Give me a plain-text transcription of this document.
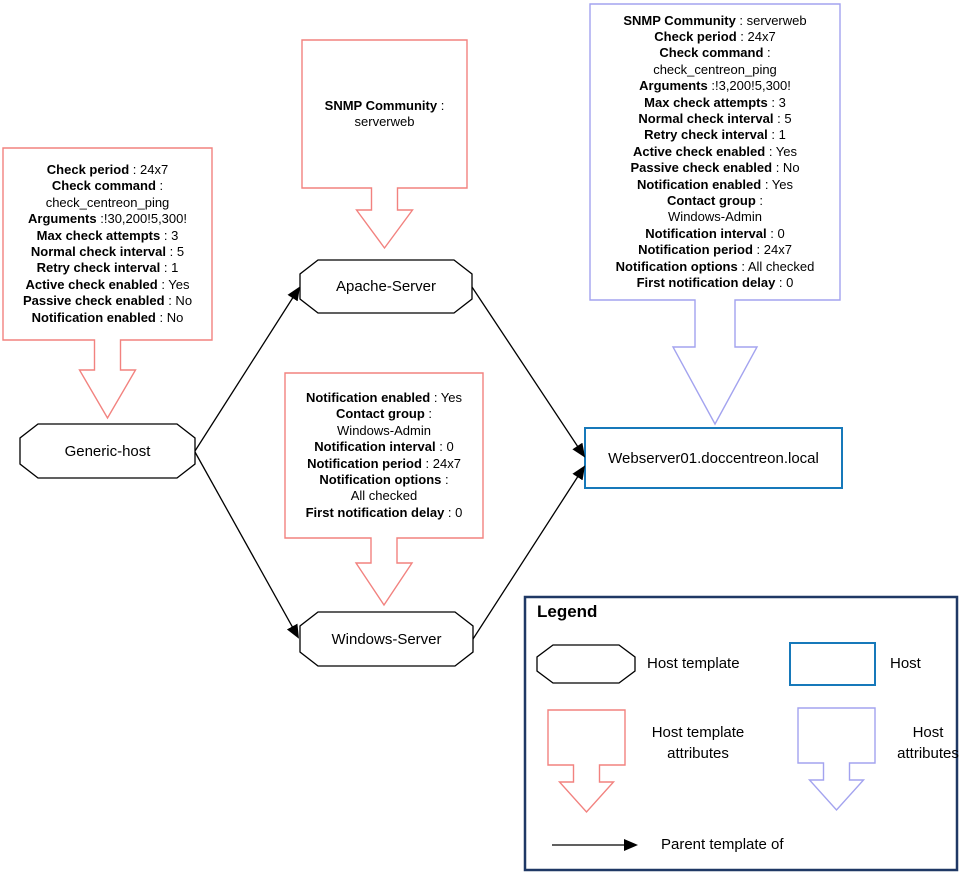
Check period : 24x7
Check command :
check_centreon_ping
Arguments :!30,200!5,300!
Max check attempts : 3
Normal check interval : 5
Retry check interval : 1
Active check enabled : Yes
Passive check enabled : No
Notification enabled : No
SNMP Community :
serverweb
Notification enabled : Yes
Contact group :
Windows-Admin
Notification interval : 0
Notification period : 24x7
Notification options :
All checked
First notification delay : 0
SNMP Community : serverweb
Check period : 24x7
Check command :
check_centreon_ping
Arguments :!3,200!5,300!
Max check attempts : 3
Normal check interval : 5
Retry check interval : 1
Active check enabled : Yes
Passive check enabled : No
Notification enabled : Yes
Contact group :
Windows-Admin
Notification interval : 0
Notification period : 24x7
Notification options : All checked
First notification delay : 0
Generic-host
Apache-Server
Windows-Server
Webserver01.doccentreon.local
Legend
Host template	Host
Host template attributes
Host attributes
Parent template of
